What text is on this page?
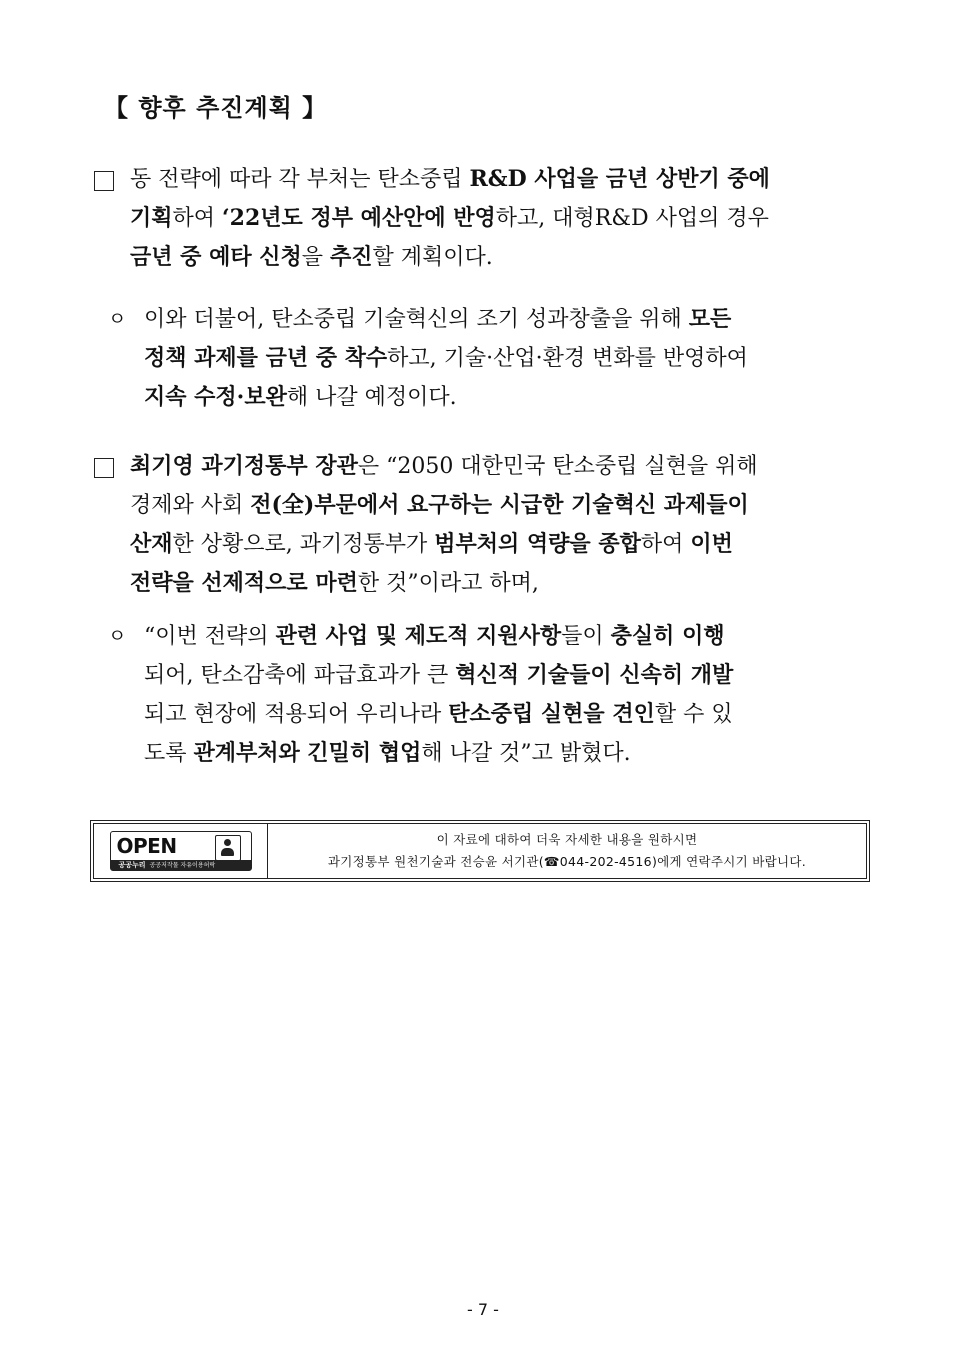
【 향후 추진계획 】
동 전략에 따라 각 부처는 탄소중립 R&D 사업을 금년 상반기 중에
기획하여 ‘22년도 정부 예산안에 반영하고, 대형R&D 사업의 경우
금년 중 예타 신청을 추진할 계획이다.
ㅇ 이와 더불어, 탄소중립 기술혁신의 조기 성과창출을 위해 모든
정책 과제를 금년 중 착수하고, 기술·산업·환경 변화를 반영하여
지속 수정·보완해 나갈 예정이다.
최기영 과기정통부 장관은 “2050 대한민국 탄소중립 실현을 위해
경제와 사회 전(全)부문에서 요구하는 시급한 기술혁신 과제들이
산재한 상황으로, 과기정통부가 범부처의 역량을 종합하여 이번
전략을 선제적으로 마련한 것”이라고 하며,
ㅇ “이번 전략의 관련 사업 및 제도적 지원사항들이 충실히 이행
되어, 탄소감축에 파급효과가 큰 혁신적 기술들이 신속히 개발
되고 현장에 적용되어 우리나라 탄소중립 실현을 견인할 수 있
도록 관계부처와 긴밀히 협업해 나갈 것”고 밝혔다.
OPEN
공공누리 공공저작물 자유이용허락
이 자료에 대하여 더욱 자세한 내용을 원하시면
과기정통부 원천기술과 전승윤 서기관(☎044-202-4516)에게 연락주시기 바랍니다.
- 7 -
